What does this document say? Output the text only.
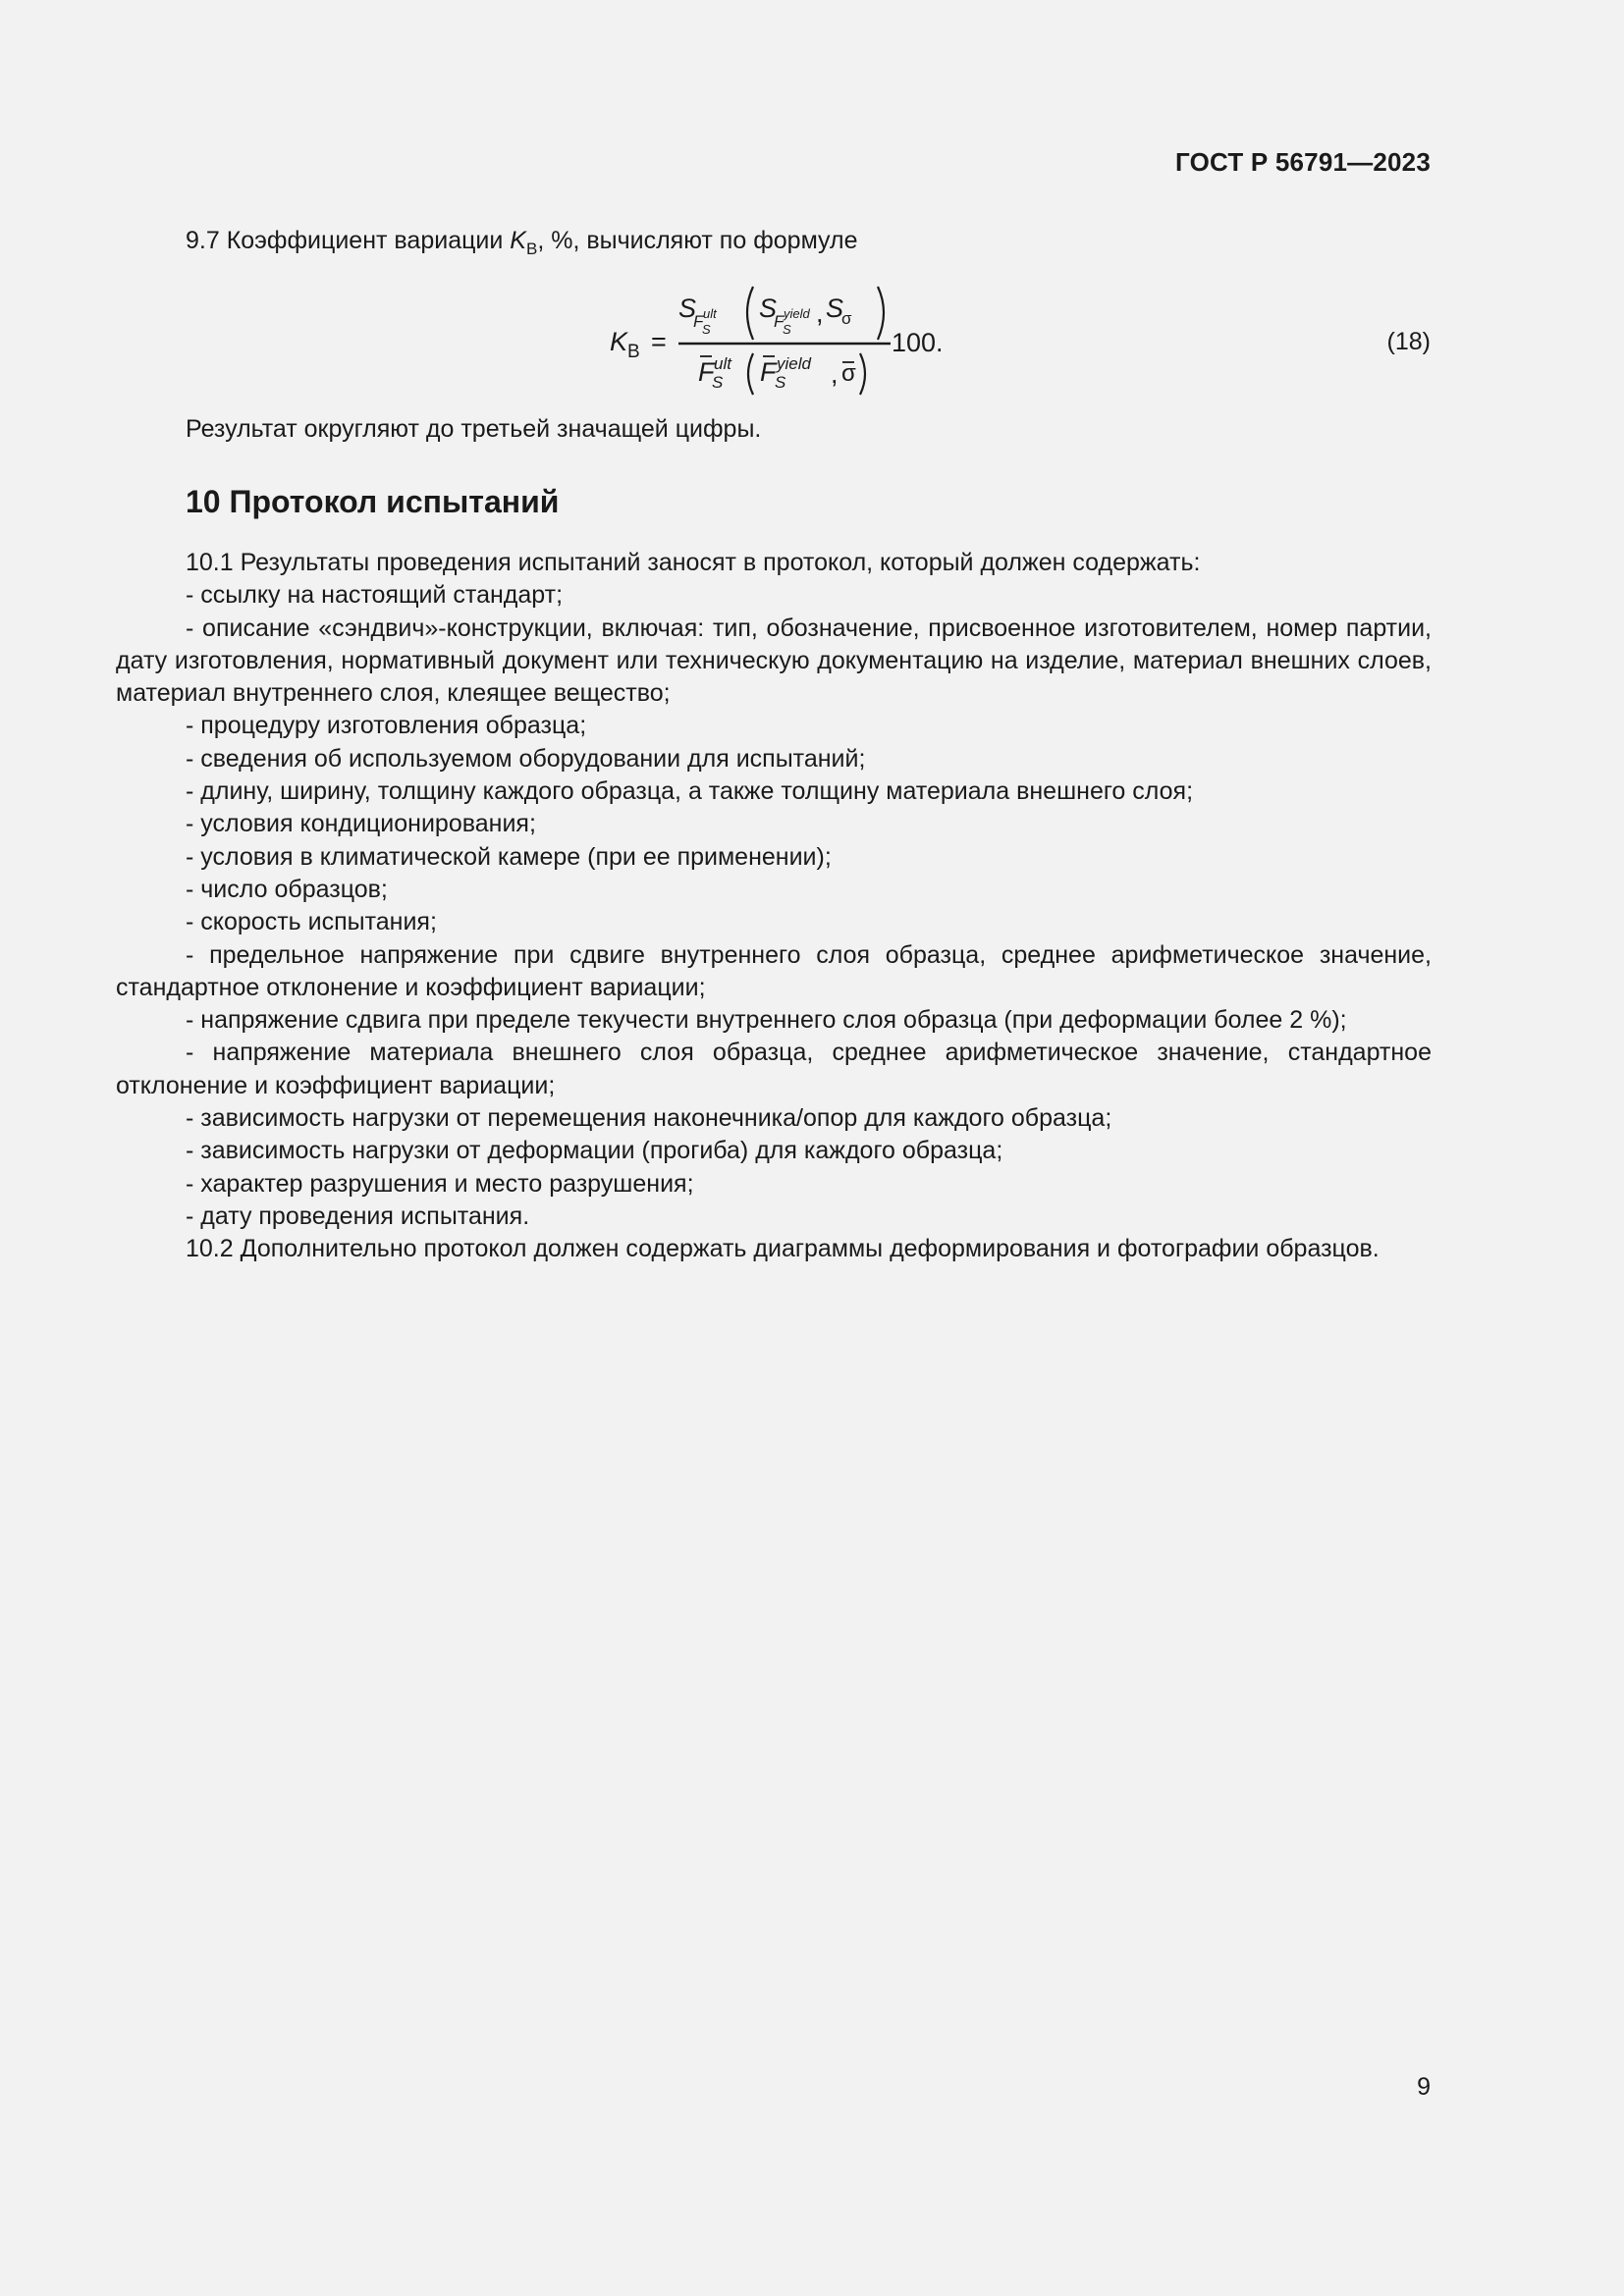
ГОСТ Р 56791—2023

9.7 Коэффициент вариации $K_В$, %, вычисляют по формуле

K В =
S
F ult
S
S
F yield
S
, S
σ
F ult
S F yield
S , σ
100.	(18)

Результат округляют до третьей значащей цифры.

10 Протокол испытаний

10.1 Результаты проведения испытаний заносят в протокол, который должен содержать:

- ссылку на настоящий стандарт;

- описание «сэндвич»-конструкции, включая: тип, обозначение, присвоенное изготовителем, номер партии, дату изготовления, нормативный документ или техническую документацию на изделие, материал внешних слоев, материал внутреннего слоя, клеящее вещество;

- процедуру изготовления образца;

- сведения об используемом оборудовании для испытаний;

- длину, ширину, толщину каждого образца, а также толщину материала внешнего слоя;

- условия кондиционирования;

- условия в климатической камере (при ее применении);

- число образцов;

- скорость испытания;

- предельное напряжение при сдвиге внутреннего слоя образца, среднее арифметическое значение, стандартное отклонение и коэффициент вариации;

- напряжение сдвига при пределе текучести внутреннего слоя образца (при деформации более 2 %);

- напряжение материала внешнего слоя образца, среднее арифметическое значение, стандартное отклонение и коэффициент вариации;

- зависимость нагрузки от перемещения наконечника/опор для каждого образца;

- зависимость нагрузки от деформации (прогиба) для каждого образца;

- характер разрушения и место разрушения;

- дату проведения испытания.

10.2 Дополнительно протокол должен содержать диаграммы деформирования и фотографии образцов.

9
